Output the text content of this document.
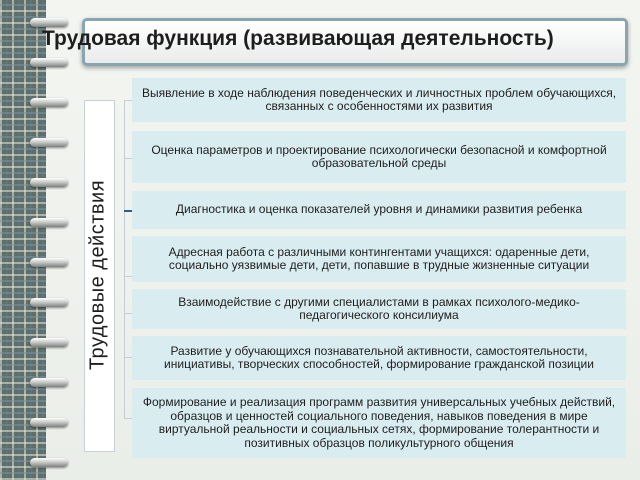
Трудовая функция (развивающая деятельность)
Трудовые действия
Выявление в ходе наблюдения поведенческих и личностных проблем обучающихся, связанных с особенностями их развития
Оценка параметров и проектирование психологически безопасной и комфортной образовательной среды
Диагностика и оценка показателей уровня и динамики развития ребенка
Адресная работа с различными контингентами учащихся: одаренные дети, социально уязвимые дети, дети, попавшие в трудные жизненные ситуации
Взаимодействие с другими специалистами в рамках психолого-медико-педагогического консилиума
Развитие у обучающихся познавательной активности, самостоятельности, инициативы, творческих способностей, формирование гражданской позиции
Формирование и реализация программ развития универсальных учебных действий, образцов и ценностей социального поведения, навыков поведения в мире виртуальной реальности и социальных сетях, формирование толерантности и позитивных образцов поликультурного общения
